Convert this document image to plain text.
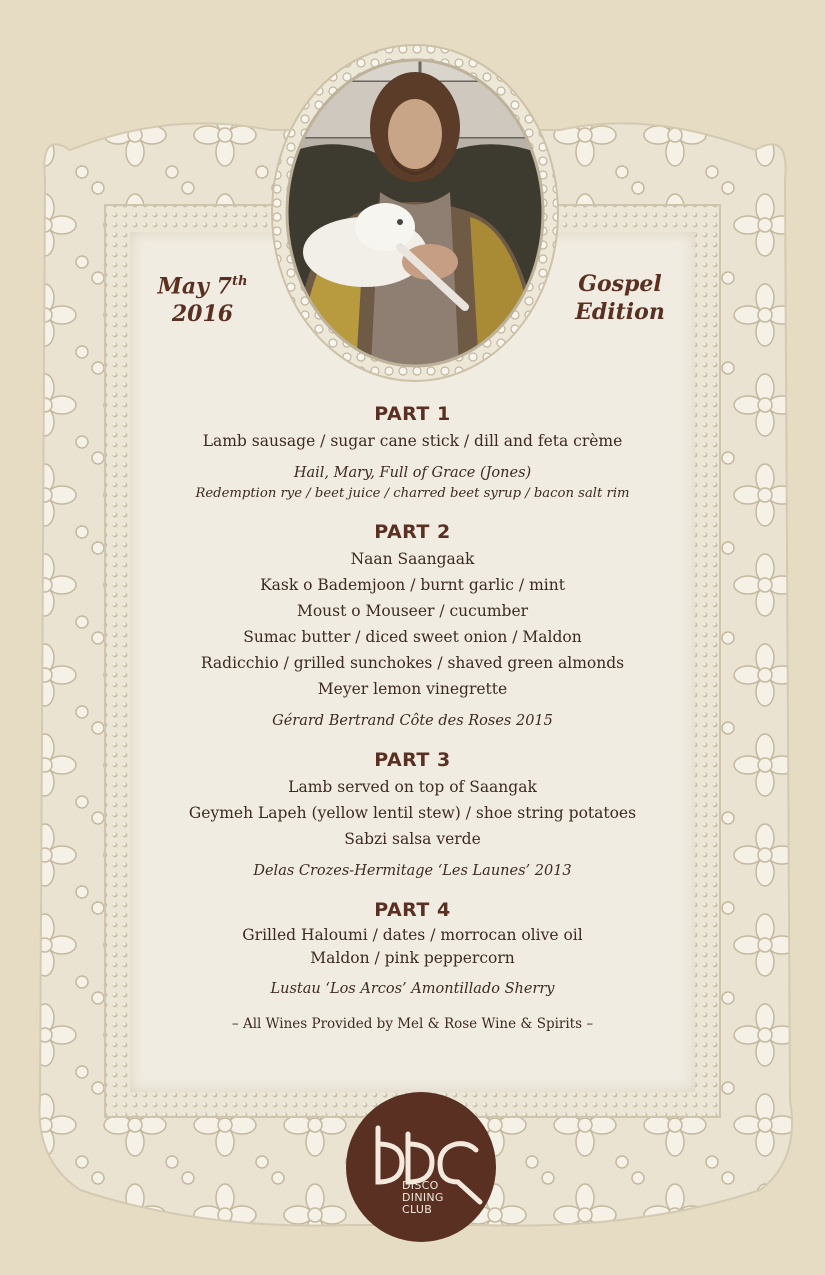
May 7th
2016
Gospel
Edition

PART 1

Lamb sausage / sugar cane stick / dill and feta crème

Hail, Mary, Full of Grace (Jones)

Redemption rye / beet juice / charred beet syrup / bacon salt rim

PART 2

Naan Saangaak

Kask o Bademjoon / burnt garlic / mint

Moust o Mouseer / cucumber

Sumac butter / diced sweet onion / Maldon

Radicchio / grilled sunchokes / shaved green almonds

Meyer lemon vinegrette

Gérard Bertrand Côte des Roses 2015

PART 3

Lamb served on top of Saangak

Geymeh Lapeh (yellow lentil stew) / shoe string potatoes

Sabzi salsa verde

Delas Crozes-Hermitage ‘Les Launes’ 2013

PART 4

Grilled Haloumi / dates / morrocan olive oil

Maldon / pink peppercorn

Lustau ‘Los Arcos’ Amontillado Sherry

– All Wines Provided by Mel & Rose Wine & Spirits –

DISCO
DINING
CLUB
